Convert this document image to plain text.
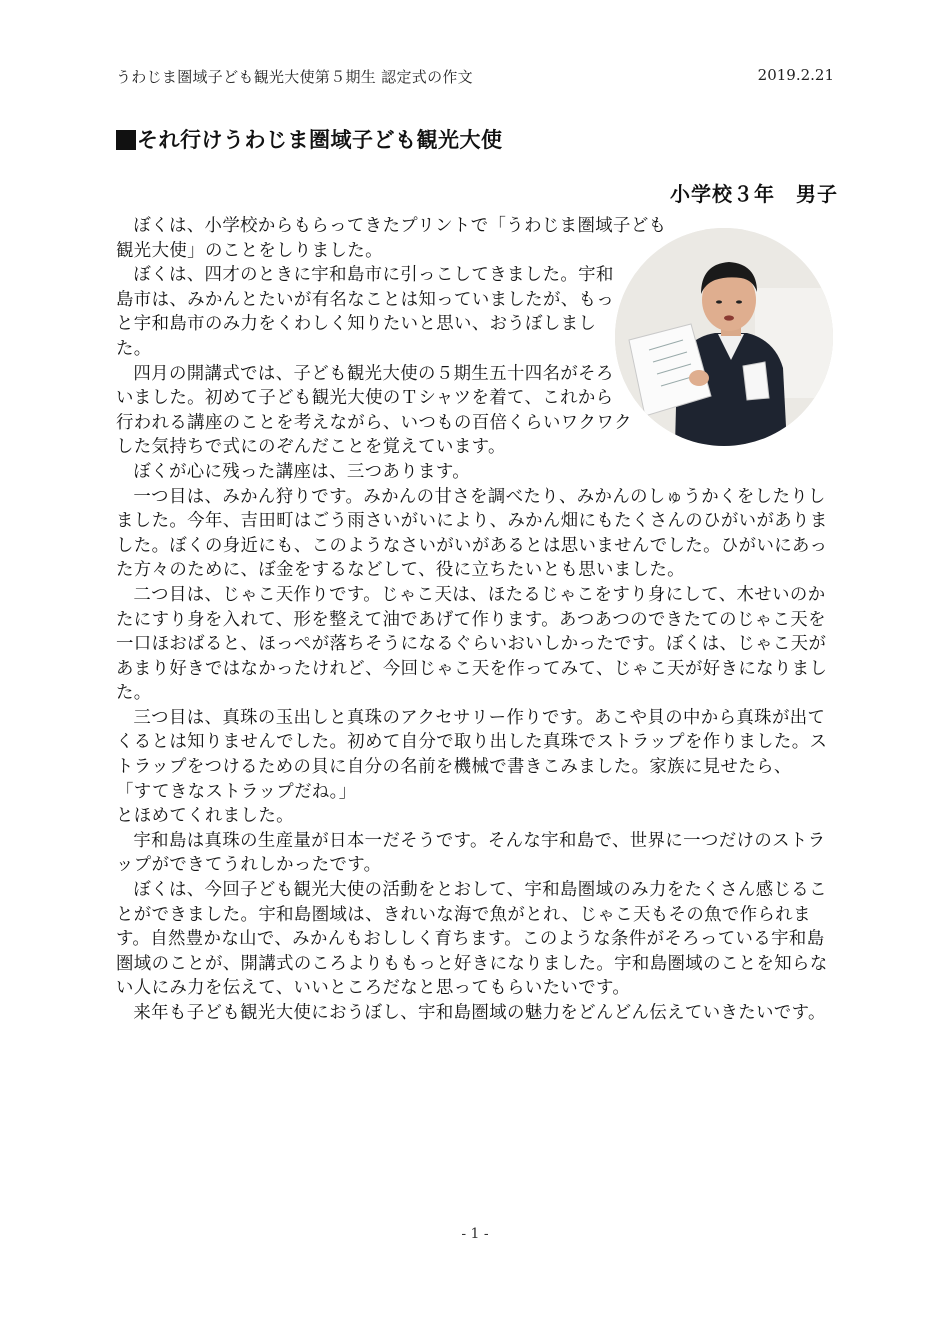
うわじま圏域子ども観光大使第５期生 認定式の作文	2019.2.21
それ行けうわじま圏域子ども観光大使
小学校３年　男子

ぼくは、小学校からもらってきたプリントで「うわじま圏域子ども観光大使」のことをしりました。

ぼくは、四才のときに宇和島市に引っこしてきました。宇和島市は、みかんとたいが有名なことは知っていましたが、もっと宇和島市のみ力をくわしく知りたいと思い、おうぼしました。

四月の開講式では、子ども観光大使の５期生五十四名がそろいました。初めて子ども観光大使のＴシャツを着て、これから行われる講座のことを考えながら、いつもの百倍くらいワクワクした気持ちで式にのぞんだことを覚えています。

ぼくが心に残った講座は、三つあります。

一つ目は、みかん狩りです。みかんの甘さを調べたり、みかんのしゅうかくをしたりしました。今年、吉田町はごう雨さいがいにより、みかん畑にもたくさんのひがいがありました。ぼくの身近にも、このようなさいがいがあるとは思いませんでした。ひがいにあった方々のために、ぼ金をするなどして、役に立ちたいとも思いました。

二つ目は、じゃこ天作りです。じゃこ天は、ほたるじゃこをすり身にして、木せいのかたにすり身を入れて、形を整えて油であげて作ります。あつあつのできたてのじゃこ天を一口ほおばると、ほっぺが落ちそうになるぐらいおいしかったです。ぼくは、じゃこ天があまり好きではなかったけれど、今回じゃこ天を作ってみて、じゃこ天が好きになりました。

三つ目は、真珠の玉出しと真珠のアクセサリー作りです。あこや貝の中から真珠が出てくるとは知りませんでした。初めて自分で取り出した真珠でストラップを作りました。ストラップをつけるための貝に自分の名前を機械で書きこみました。家族に見せたら、

「すてきなストラップだね。」

とほめてくれました。

宇和島は真珠の生産量が日本一だそうです。そんな宇和島で、世界に一つだけのストラップができてうれしかったです。

ぼくは、今回子ども観光大使の活動をとおして、宇和島圏域のみ力をたくさん感じることができました。宇和島圏域は、きれいな海で魚がとれ、じゃこ天もその魚で作られます。自然豊かな山で、みかんもおししく育ちます。このような条件がそろっている宇和島圏域のことが、開講式のころよりももっと好きになりました。宇和島圏域のことを知らない人にみ力を伝えて、いいところだなと思ってもらいたいです。

来年も子ども観光大使におうぼし、宇和島圏域の魅力をどんどん伝えていきたいです。

- 1 -
